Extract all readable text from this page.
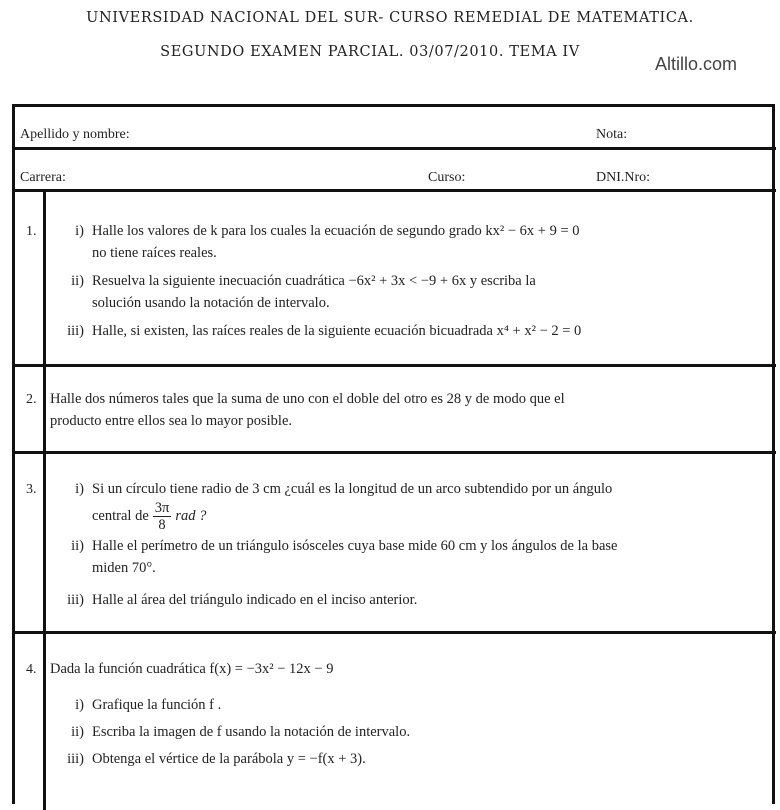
UNIVERSIDAD NACIONAL DEL SUR- CURSO REMEDIAL DE MATEMATICA.
SEGUNDO EXAMEN PARCIAL. 03/07/2010. TEMA IV
Altillo.com
Apellido y nombre:	Nota:
Carrera:	Curso:	DNI.Nro:
1.	i) Halle los valores de k para los cuales la ecuación de segundo grado kx² − 6x + 9 = 0
no tiene raíces reales.
ii) Resuelva la siguiente inecuación cuadrática −6x² + 3x < −9 + 6x y escriba la
solución usando la notación de intervalo.
iii) Halle, si existen, las raíces reales de la siguiente ecuación bicuadrada x⁴ + x² − 2 = 0
2. Halle dos números tales que la suma de uno con el doble del otro es 28 y de modo que el
producto entre ellos sea lo mayor posible.
3.	i) Si un círculo tiene radio de 3 cm ¿cuál es la longitud de un arco subtendido por un ángulo
central de $\frac{3\pi}{8}$ rad ?
ii) Halle el perímetro de un triángulo isósceles cuya base mide 60 cm y los ángulos de la base
miden 70°.
iii) Halle al área del triángulo indicado en el inciso anterior.
4. Dada la función cuadrática f(x) = −3x² − 12x − 9
i) Grafique la función f .
ii) Escriba la imagen de f usando la notación de intervalo.
iii) Obtenga el vértice de la parábola y = −f(x + 3).
